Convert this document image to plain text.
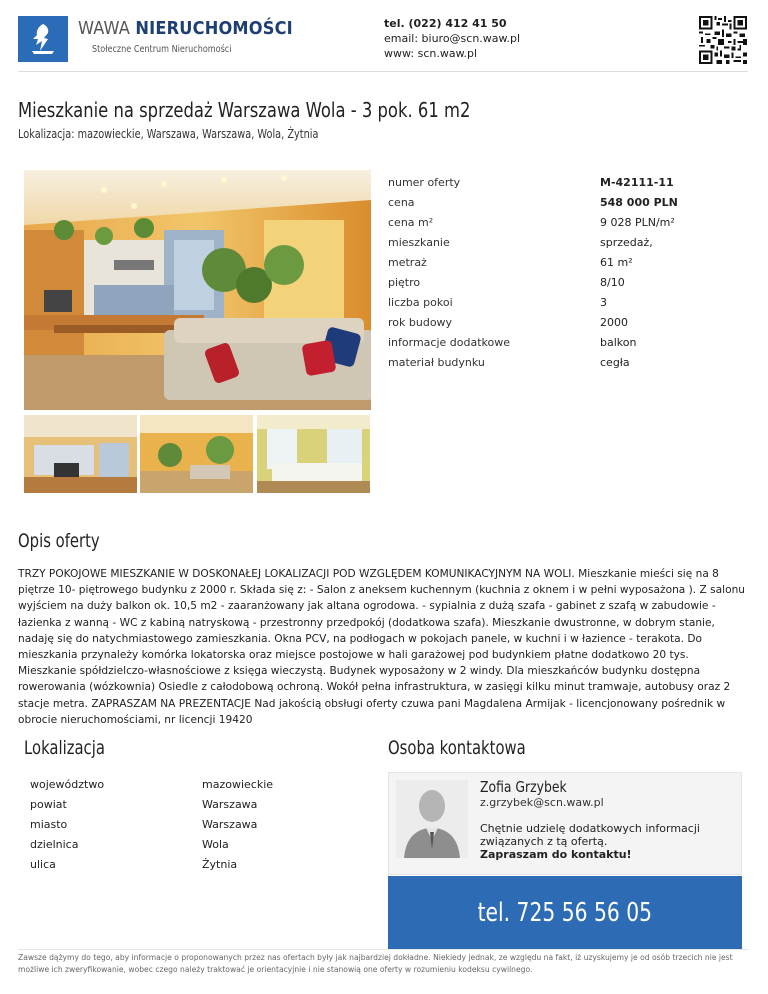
WAWA NIERUCHOMOŚCI
Stołeczne Centrum Nieruchomości
tel. (022) 412 41 50
email: biuro@scn.waw.pl
www: scn.waw.pl
Mieszkanie na sprzedaż Warszawa Wola - 3 pok. 61 m2
Lokalizacja: mazowieckie, Warszawa, Warszawa, Wola, Żytnia
numer oferty	M-42111-11
cena	548 000 PLN
cena m²	9 028 PLN/m²
mieszkanie	sprzedaż,
metraż	61 m²
piętro	8/10
liczba pokoi	3
rok budowy	2000
informacje dodatkowe	balkon
materiał budynku	cegła
Opis oferty
TRZY POKOJOWE MIESZKANIE W DOSKONAŁEJ LOKALIZACJI POD WZGLĘDEM KOMUNIKACYJNYM NA WOLI. Mieszkanie mieści się na 8 piętrze 10- piętrowego budynku z 2000 r. Składa się z: - Salon z aneksem kuchennym (kuchnia z oknem i w pełni wyposażona ). Z salonu wyjściem na duży balkon ok. 10,5 m2 - zaaranżowany jak altana ogrodowa. - sypialnia z dużą szafa - gabinet z szafą w zabudowie - łazienka z wanną - WC z kabiną natryskową - przestronny przedpokój (dodatkowa szafa). Mieszkanie dwustronne, w dobrym stanie, nadaję się do natychmiastowego zamieszkania. Okna PCV, na podłogach w pokojach panele, w kuchni i w łazience - terakota. Do mieszkania przynależy komórka lokatorska oraz miejsce postojowe w hali garażowej pod budynkiem płatne dodatkowo 20 tys. Mieszkanie spółdzielczo-własnościowe z księga wieczystą. Budynek wyposażony w 2 windy. Dla mieszkańców budynku dostępna rowerowania (wózkownia) Osiedle z całodobową ochroną. Wokół pełna infrastruktura, w zasięgi kilku minut tramwaje, autobusy oraz 2 stacje metra. ZAPRASZAM NA PREZENTACJE Nad jakością obsługi oferty czuwa pani Magdalena Armijak - licencjonowany pośrednik w obrocie nieruchomościami, nr licencji 19420
Lokalizacja
województwo	mazowieckie
powiat	Warszawa
miasto	Warszawa
dzielnica	Wola
ulica	Żytnia
Osoba kontaktowa
Zofia Grzybek
z.grzybek@scn.waw.pl
Chętnie udzielę dodatkowych informacji związanych z tą ofertą.
Zapraszam do kontaktu!
tel. 725 56 56 05
Zawsze dążymy do tego, aby informacje o proponowanych przez nas ofertach były jak najbardziej dokładne. Niekiedy jednak, ze względu na fakt, iż uzyskujemy je od osób trzecich nie jest możliwe ich zweryfikowanie, wobec czego należy traktować je orientacyjnie i nie stanowią one oferty w rozumieniu kodeksu cywilnego.
